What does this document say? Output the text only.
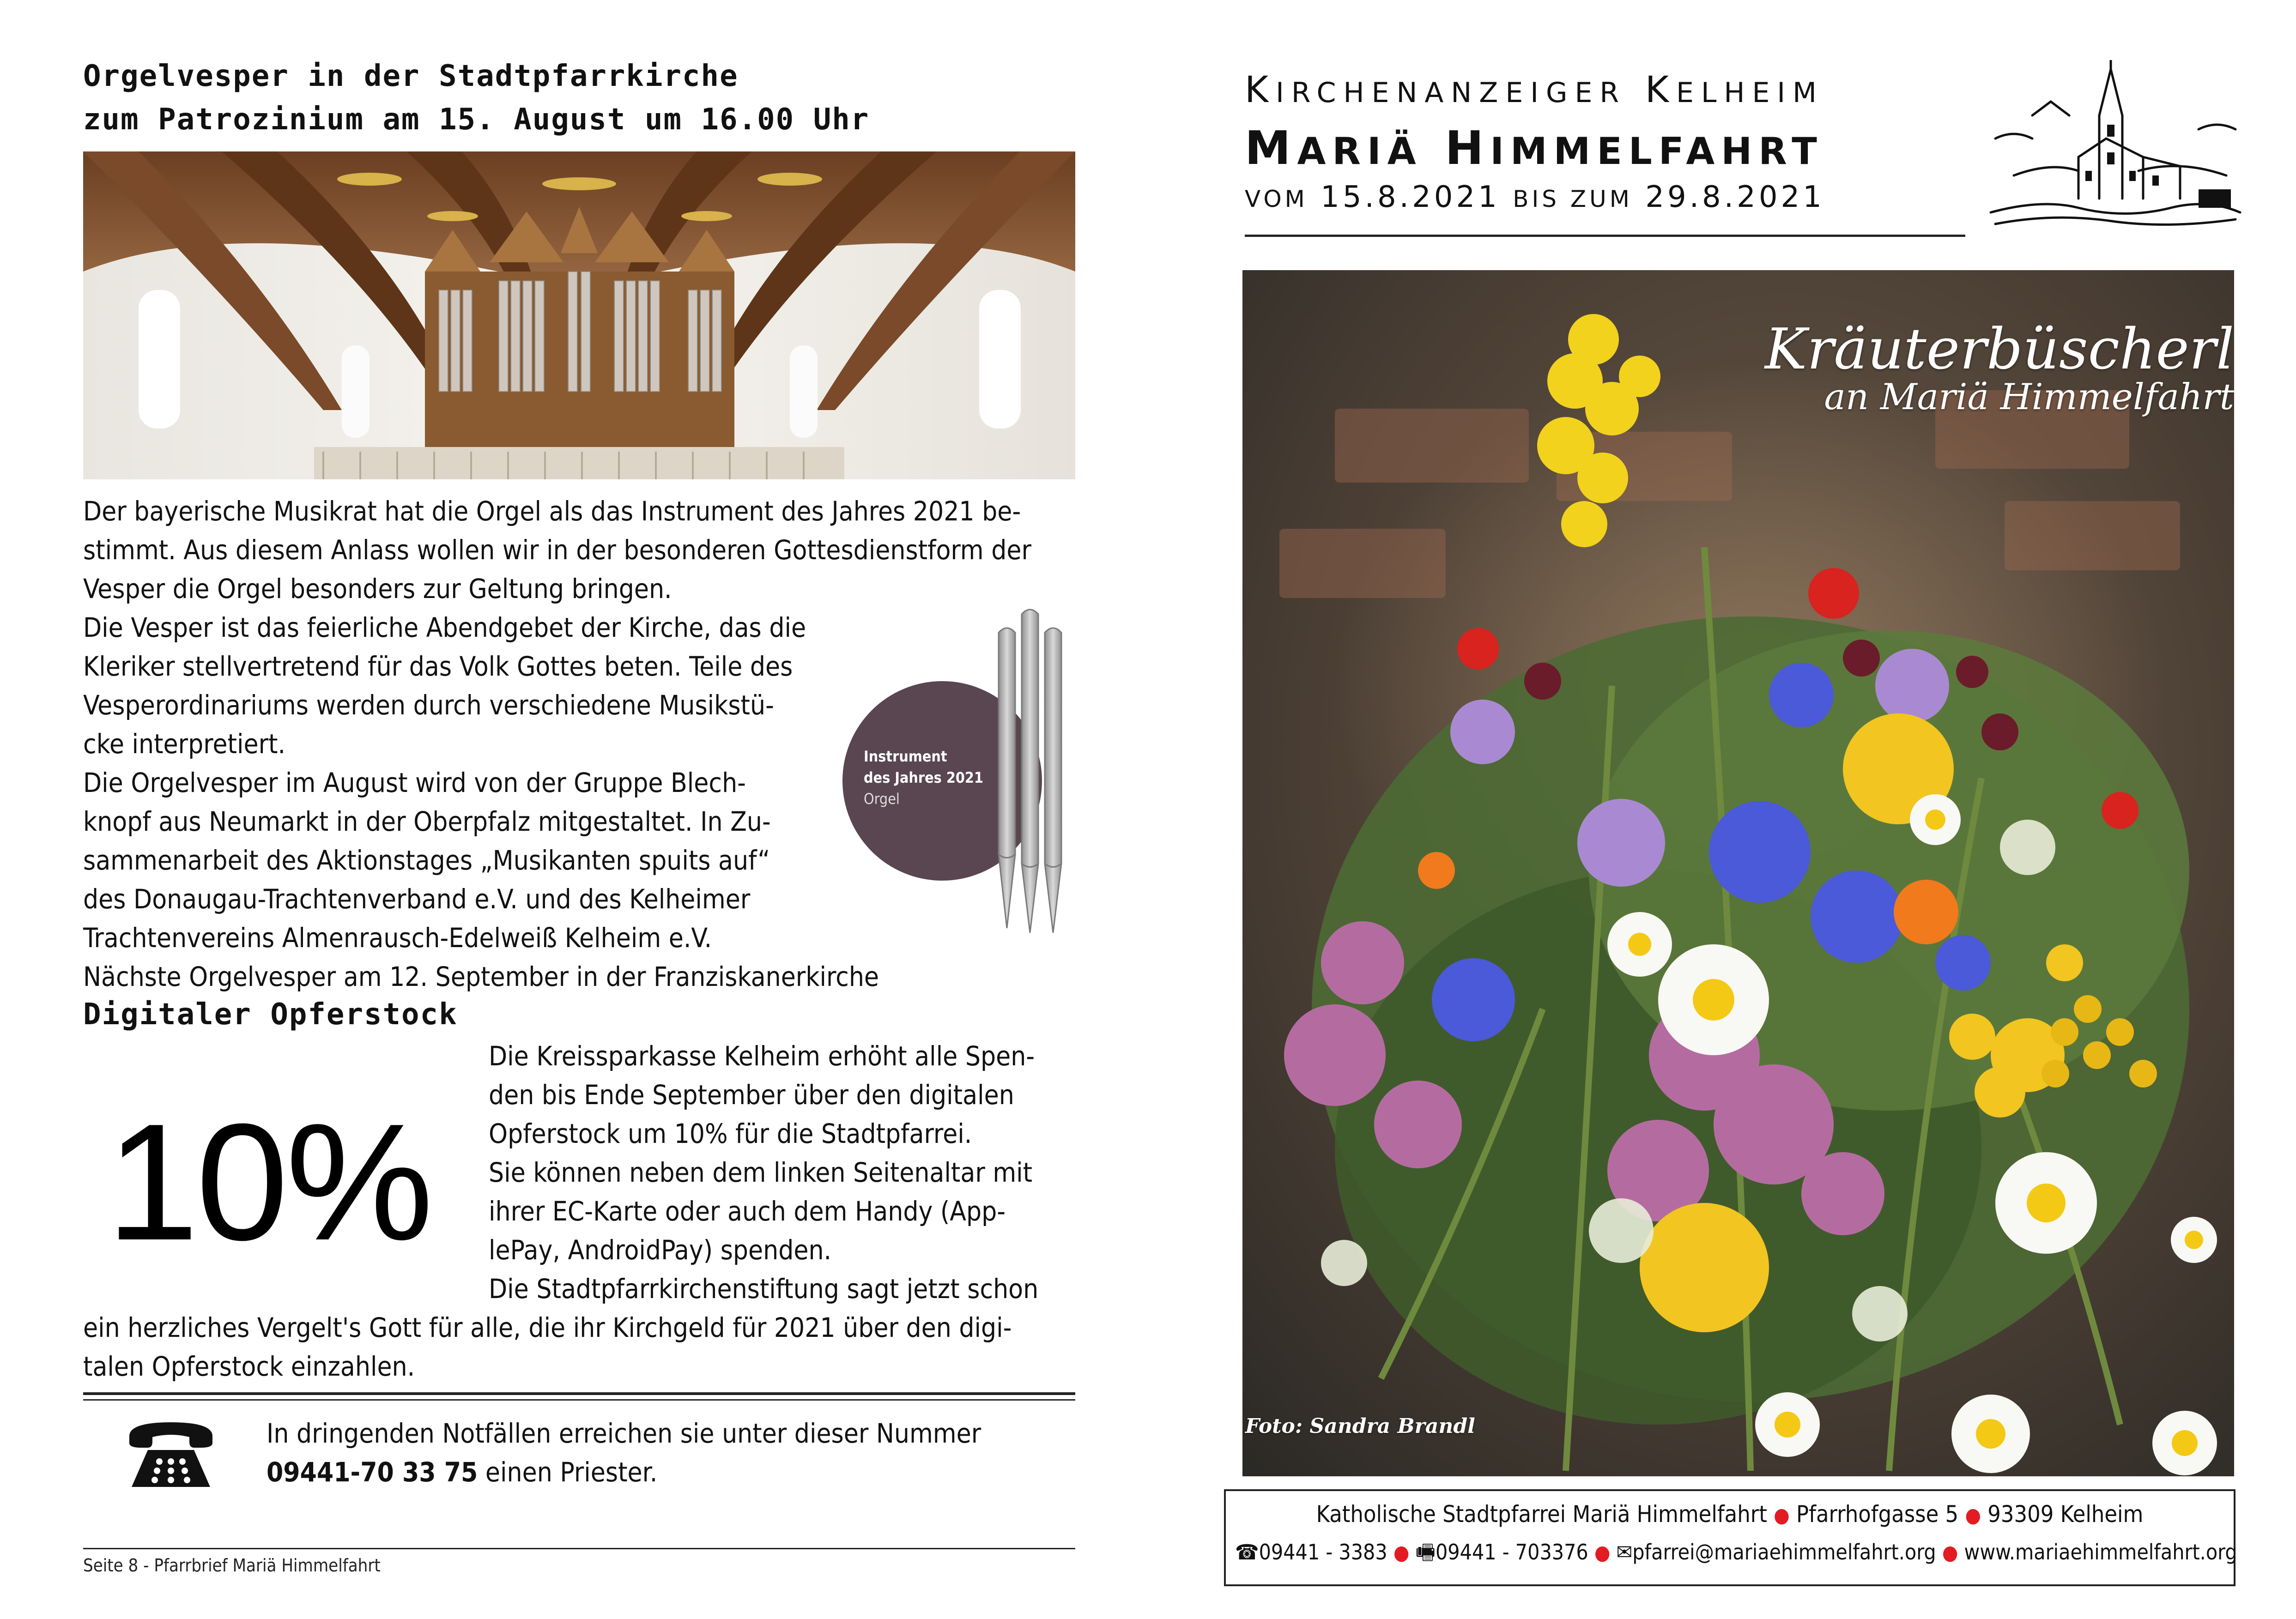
Orgelvesper in der Stadtpfarrkirche
zum Patrozinium am 15. August um 16.00 Uhr

Der bayerische Musikrat hat die Orgel als das Instrument des Jahres 2021 be-

stimmt. Aus diesem Anlass wollen wir in der besonderen Gottesdienstform der

Vesper die Orgel besonders zur Geltung bringen.

Die Vesper ist das feierliche Abendgebet der Kirche, das die

Kleriker stellvertretend für das Volk Gottes beten. Teile des

Vesperordinariums werden durch verschiedene Musikstü-

cke interpretiert.

Die Orgelvesper im August wird von der Gruppe Blech-

knopf aus Neumarkt in der Oberpfalz mitgestaltet. In Zu-

sammenarbeit des Aktionstages „Musikanten spuits auf“

des Donaugau-Trachtenverband e.V. und des Kelheimer

Trachtenvereins Almenrausch-Edelweiß Kelheim e.V.

Nächste Orgelvesper am 12. September in der Franziskanerkirche

Instrument
des Jahres 2021
Orgel
Digitaler Opferstock
10%

Die Kreissparkasse Kelheim erhöht alle Spen-

den bis Ende September über den digitalen

Opferstock um 10% für die Stadtpfarrei.

Sie können neben dem linken Seitenaltar mit

ihrer EC-Karte oder auch dem Handy (App-

lePay, AndroidPay) spenden.

Die Stadtpfarrkirchenstiftung sagt jetzt schon

ein herzliches Vergelt's Gott für alle, die ihr Kirchgeld für 2021 über den digi-

talen Opferstock einzahlen.

In dringenden Notfällen erreichen sie unter dieser Nummer
09441-70 33 75 einen Priester.
Seite 8 - Pfarrbrief Mariä Himmelfahrt
KIRCHENANZEIGER KELHEIM
MARIÄ HIMMELFAHRT
VOM 15.8.2021 BIS ZUM 29.8.2021
Kräuterbüscherl
an Mariä Himmelfahrt
Foto: Sandra Brandl
Katholische Stadtpfarrei Mariä Himmelfahrt ● Pfarrhofgasse 5 ● 93309 Kelheim
☎09441 - 3383 ● 🖷09441 - 703376 ● ✉pfarrei@mariaehimmelfahrt.org ● www.mariaehimmelfahrt.org
